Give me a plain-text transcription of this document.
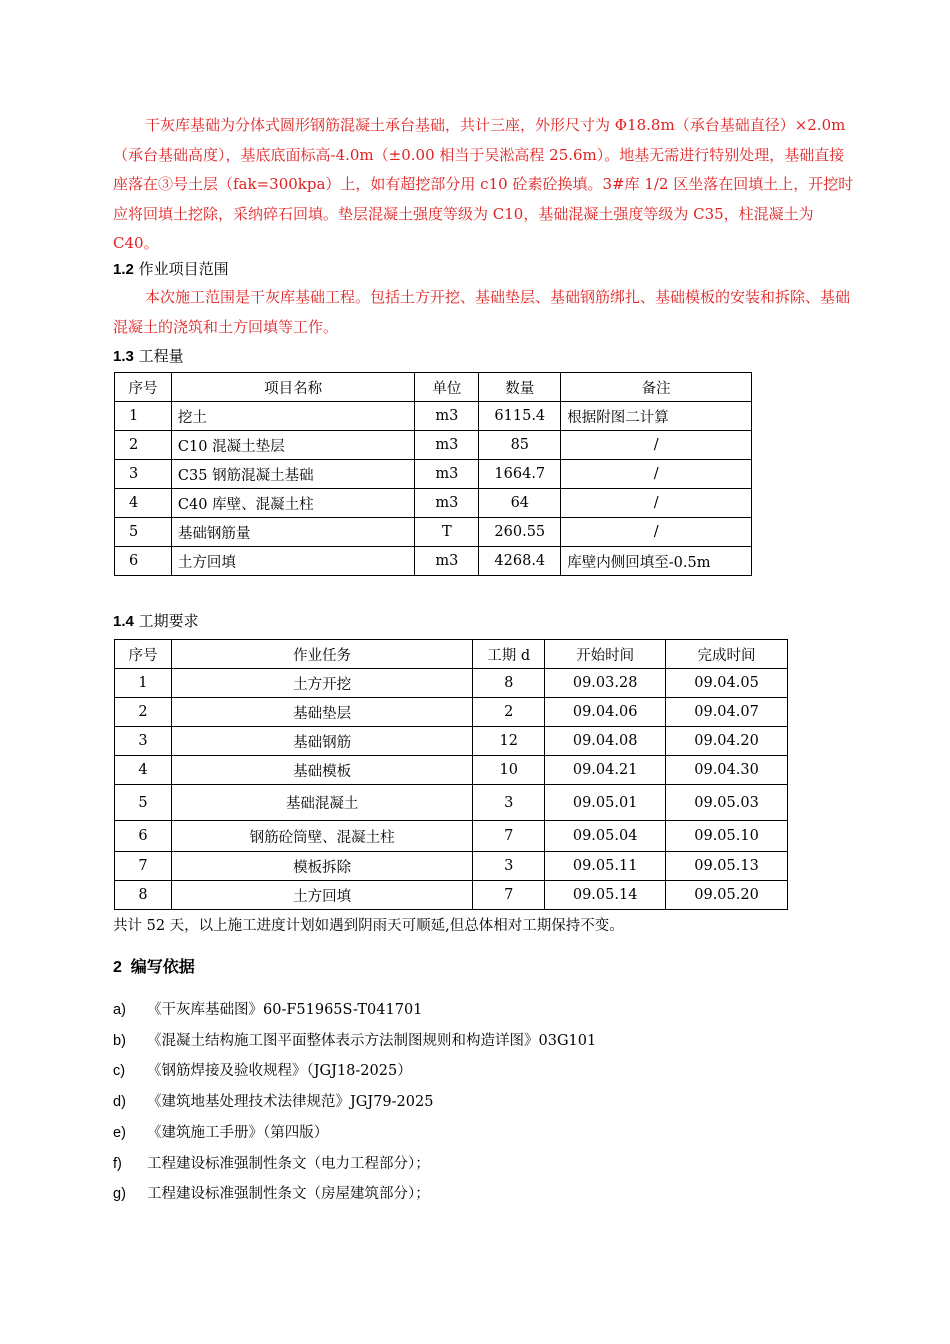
干灰库基础为分体式圆形钢筋混凝土承台基础，共计三座，外形尺寸为 Φ18.8m（承台基础直径）×2.0m（承台基础高度），基底底面标高-4.0m（±0.00 相当于吴淞高程 25.6m）。地基无需进行特别处理，基础直接座落在③号土层（fak=300kpa）上，如有超挖部分用 c10 砼素砼换填。3#库 1/2 区坐落在回填土上，开挖时应将回填土挖除，采纳碎石回填。垫层混凝土强度等级为 C10，基础混凝土强度等级为 C35，柱混凝土为 C40。
1.2 作业项目范围
本次施工范围是干灰库基础工程。包括土方开挖、基础垫层、基础钢筋绑扎、基础模板的安装和拆除、基础混凝土的浇筑和土方回填等工作。
1.3 工程量
序号	项目名称	单位	数量	备注
1	挖土	m3	6115.4	根据附图二计算
2	C10 混凝土垫层	m3	85	/
3	C35 钢筋混凝土基础	m3	1664.7	/
4	C40 库壁、混凝土柱	m3	64	/
5	基础钢筋量	T	260.55	/
6	土方回填	m3	4268.4	库壁内侧回填至-0.5m
1.4 工期要求
序号	作业任务	工期 d	开始时间	完成时间
1	土方开挖	8	09.03.28	09.04.05
2	基础垫层	2	09.04.06	09.04.07
3	基础钢筋	12	09.04.08	09.04.20
4	基础模板	10	09.04.21	09.04.30
5	基础混凝土	3	09.05.01	09.05.03
6	钢筋砼筒壁、混凝土柱	7	09.05.04	09.05.10
7	模板拆除	3	09.05.11	09.05.13
8	土方回填	7	09.05.14	09.05.20
共计 52 天，以上施工进度计划如遇到阴雨天可顺延,但总体相对工期保持不变。
2 编写依据
a) 《干灰库基础图》60-F51965S-T041701
b) 《混凝土结构施工图平面整体表示方法制图规则和构造详图》03G101
c) 《钢筋焊接及验收规程》（JGJ18-2025）
d) 《建筑地基处理技术法律规范》JGJ79-2025
e) 《建筑施工手册》（第四版）
f) 工程建设标准强制性条文（电力工程部分）；
g) 工程建设标准强制性条文（房屋建筑部分）；
